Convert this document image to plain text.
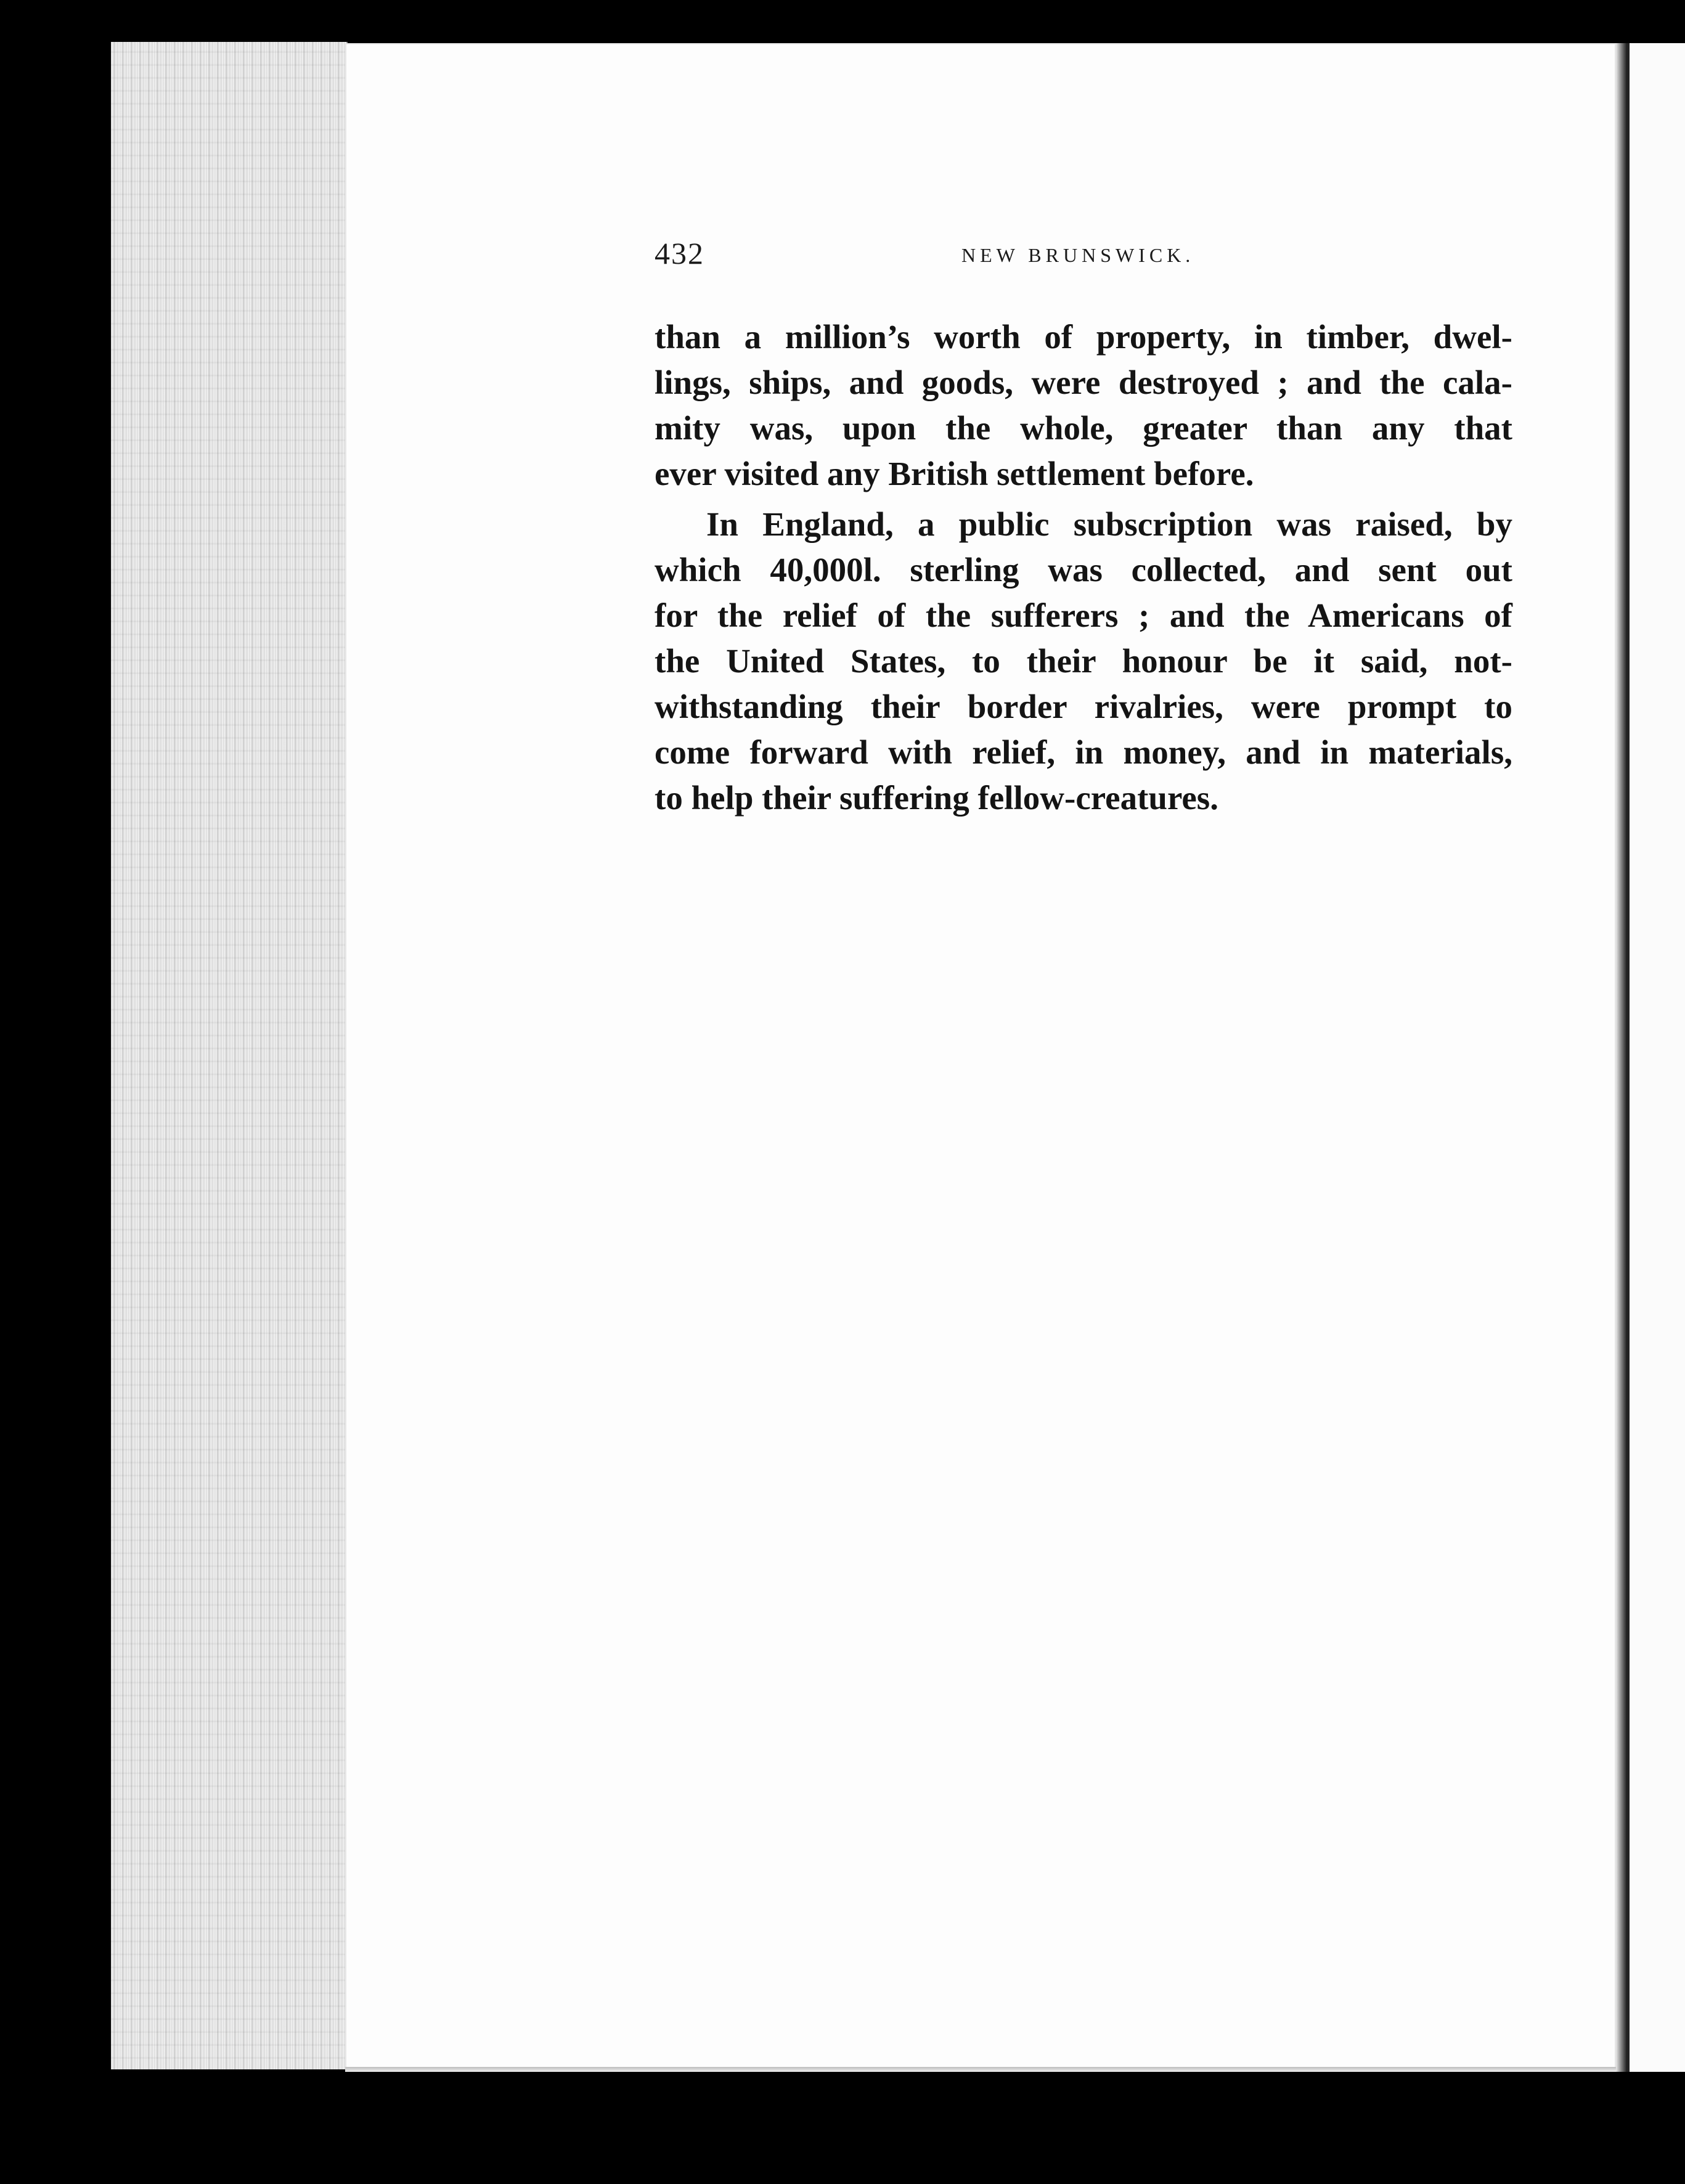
432	NEW BRUNSWICK.
than a million’s worth of property, in timber, dwel-
lings, ships, and goods, were destroyed ; and the cala-
mity was, upon the whole, greater than any that
ever visited any British settlement before.
In England, a public subscription was raised, by
which 40,000l. sterling was collected, and sent out
for the relief of the sufferers ; and the Americans of
the United States, to their honour be it said, not-
withstanding their border rivalries, were prompt to
come forward with relief, in money, and in materials,
to help their suffering fellow-creatures.
